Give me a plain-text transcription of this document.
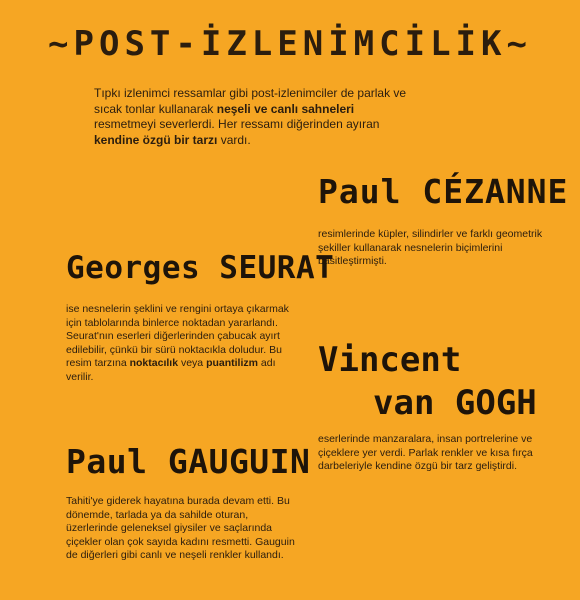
~POST-İZLENİMCİLİK~

Tıpkı izlenimci ressamlar gibi post-izlenimciler de parlak ve sıcak tonlar kullanarak neşeli ve canlı sahneleri resmetmeyi severlerdi. Her ressamı diğerinden ayıran kendine özgü bir tarzı vardı.

Paul CÉZANNE

resimlerinde küpler, silindirler ve farklı geometrik şekiller kullanarak nesnelerin biçimlerini basitleştirmişti.

Georges SEURAT

ise nesnelerin şeklini ve rengini ortaya çıkarmak için tablolarında binlerce noktadan yararlandı. Seurat'nın eserleri diğerlerinden çabucak ayırt edilebilir, çünkü bir sürü noktacıkla doludur. Bu resim tarzına noktacılık veya puantilizm adı verilir.	Vincent
van GOGH

eserlerinde manzaralara, insan portrelerine ve çiçeklere yer verdi. Parlak renkler ve kısa fırça darbeleriyle kendine özgü bir tarz geliştirdi.

Paul GAUGUIN

Tahiti'ye giderek hayatına burada devam etti. Bu dönemde, tarlada ya da sahilde oturan, üzerlerinde geleneksel giysiler ve saçlarında çiçekler olan çok sayıda kadını resmetti. Gauguin de diğerleri gibi canlı ve neşeli renkler kullandı.
